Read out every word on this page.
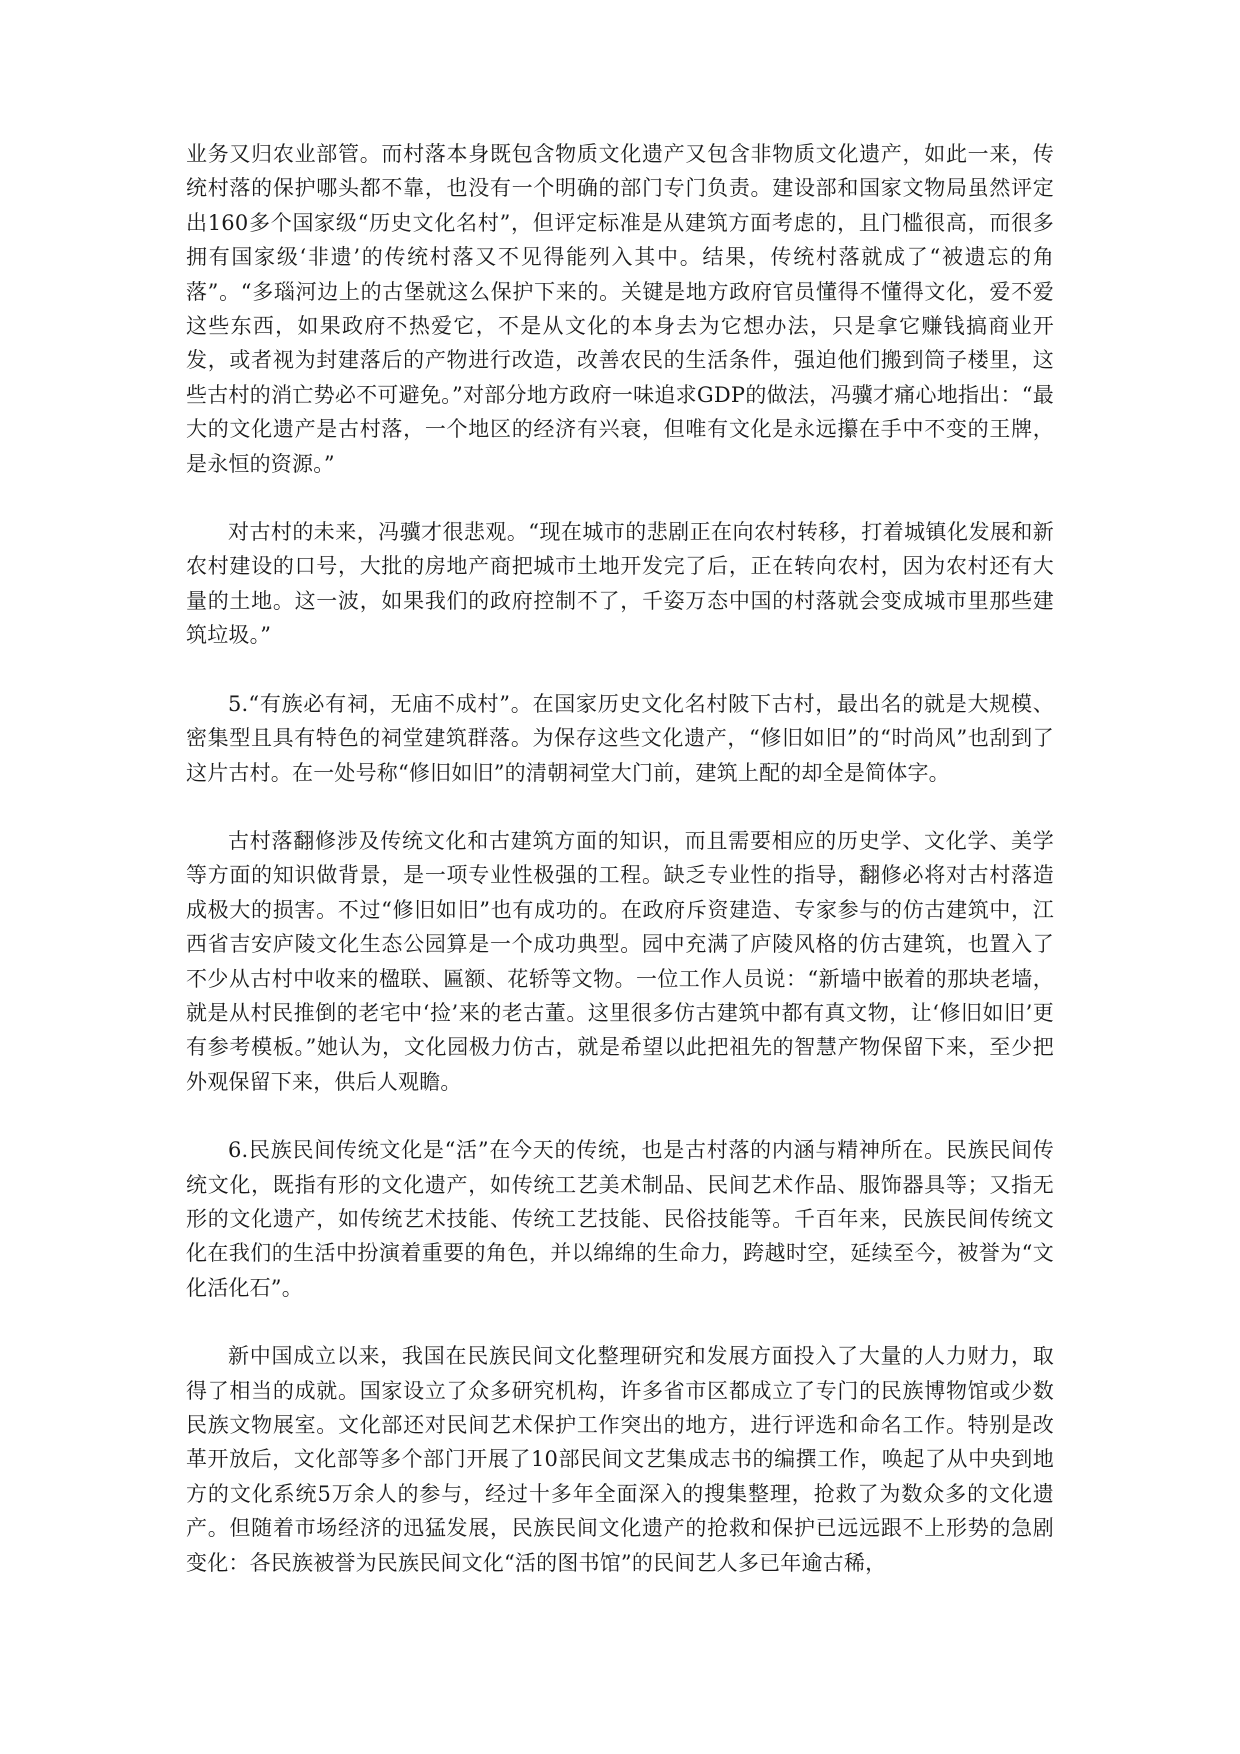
业务又归农业部管。而村落本身既包含物质文化遗产又包含非物质文化遗产，如此一来，传统村落的保护哪头都不靠，也没有一个明确的部门专门负责。建设部和国家文物局虽然评定出160多个国家级“历史文化名村”，但评定标准是从建筑方面考虑的，且门槛很高，而很多拥有国家级‘非遗’的传统村落又不见得能列入其中。结果，传统村落就成了“被遗忘的角落”。“多瑙河边上的古堡就这么保护下来的。关键是地方政府官员懂得不懂得文化，爱不爱这些东西，如果政府不热爱它，不是从文化的本身去为它想办法，只是拿它赚钱搞商业开发，或者视为封建落后的产物进行改造，改善农民的生活条件，强迫他们搬到筒子楼里，这些古村的消亡势必不可避免。”对部分地方政府一味追求GDP的做法，冯骥才痛心地指出：“最大的文化遗产是古村落，一个地区的经济有兴衰，但唯有文化是永远攥在手中不变的王牌，是永恒的资源。”

对古村的未来，冯骥才很悲观。“现在城市的悲剧正在向农村转移，打着城镇化发展和新农村建设的口号，大批的房地产商把城市土地开发完了后，正在转向农村，因为农村还有大量的土地。这一波，如果我们的政府控制不了，千姿万态中国的村落就会变成城市里那些建筑垃圾。”

5.“有族必有祠，无庙不成村”。在国家历史文化名村陂下古村，最出名的就是大规模、密集型且具有特色的祠堂建筑群落。为保存这些文化遗产，“修旧如旧”的“时尚风”也刮到了这片古村。在一处号称“修旧如旧”的清朝祠堂大门前，建筑上配的却全是简体字。

古村落翻修涉及传统文化和古建筑方面的知识，而且需要相应的历史学、文化学、美学等方面的知识做背景，是一项专业性极强的工程。缺乏专业性的指导，翻修必将对古村落造成极大的损害。不过“修旧如旧”也有成功的。在政府斥资建造、专家参与的仿古建筑中，江西省吉安庐陵文化生态公园算是一个成功典型。园中充满了庐陵风格的仿古建筑，也置入了不少从古村中收来的楹联、匾额、花轿等文物。一位工作人员说：“新墙中嵌着的那块老墙，就是从村民推倒的老宅中‘捡’来的老古董。这里很多仿古建筑中都有真文物，让‘修旧如旧’更有参考模板。”她认为，文化园极力仿古，就是希望以此把祖先的智慧产物保留下来，至少把外观保留下来，供后人观瞻。

6.民族民间传统文化是“活”在今天的传统，也是古村落的内涵与精神所在。民族民间传统文化，既指有形的文化遗产，如传统工艺美术制品、民间艺术作品、服饰器具等；又指无形的文化遗产，如传统艺术技能、传统工艺技能、民俗技能等。千百年来，民族民间传统文化在我们的生活中扮演着重要的角色，并以绵绵的生命力，跨越时空，延续至今，被誉为“文化活化石”。

新中国成立以来，我国在民族民间文化整理研究和发展方面投入了大量的人力财力，取得了相当的成就。国家设立了众多研究机构，许多省市区都成立了专门的民族博物馆或少数民族文物展室。文化部还对民间艺术保护工作突出的地方，进行评选和命名工作。特别是改革开放后，文化部等多个部门开展了10部民间文艺集成志书的编撰工作，唤起了从中央到地方的文化系统5万余人的参与，经过十多年全面深入的搜集整理，抢救了为数众多的文化遗产。但随着市场经济的迅猛发展，民族民间文化遗产的抢救和保护已远远跟不上形势的急剧变化：各民族被誉为民族民间文化“活的图书馆”的民间艺人多已年逾古稀，
